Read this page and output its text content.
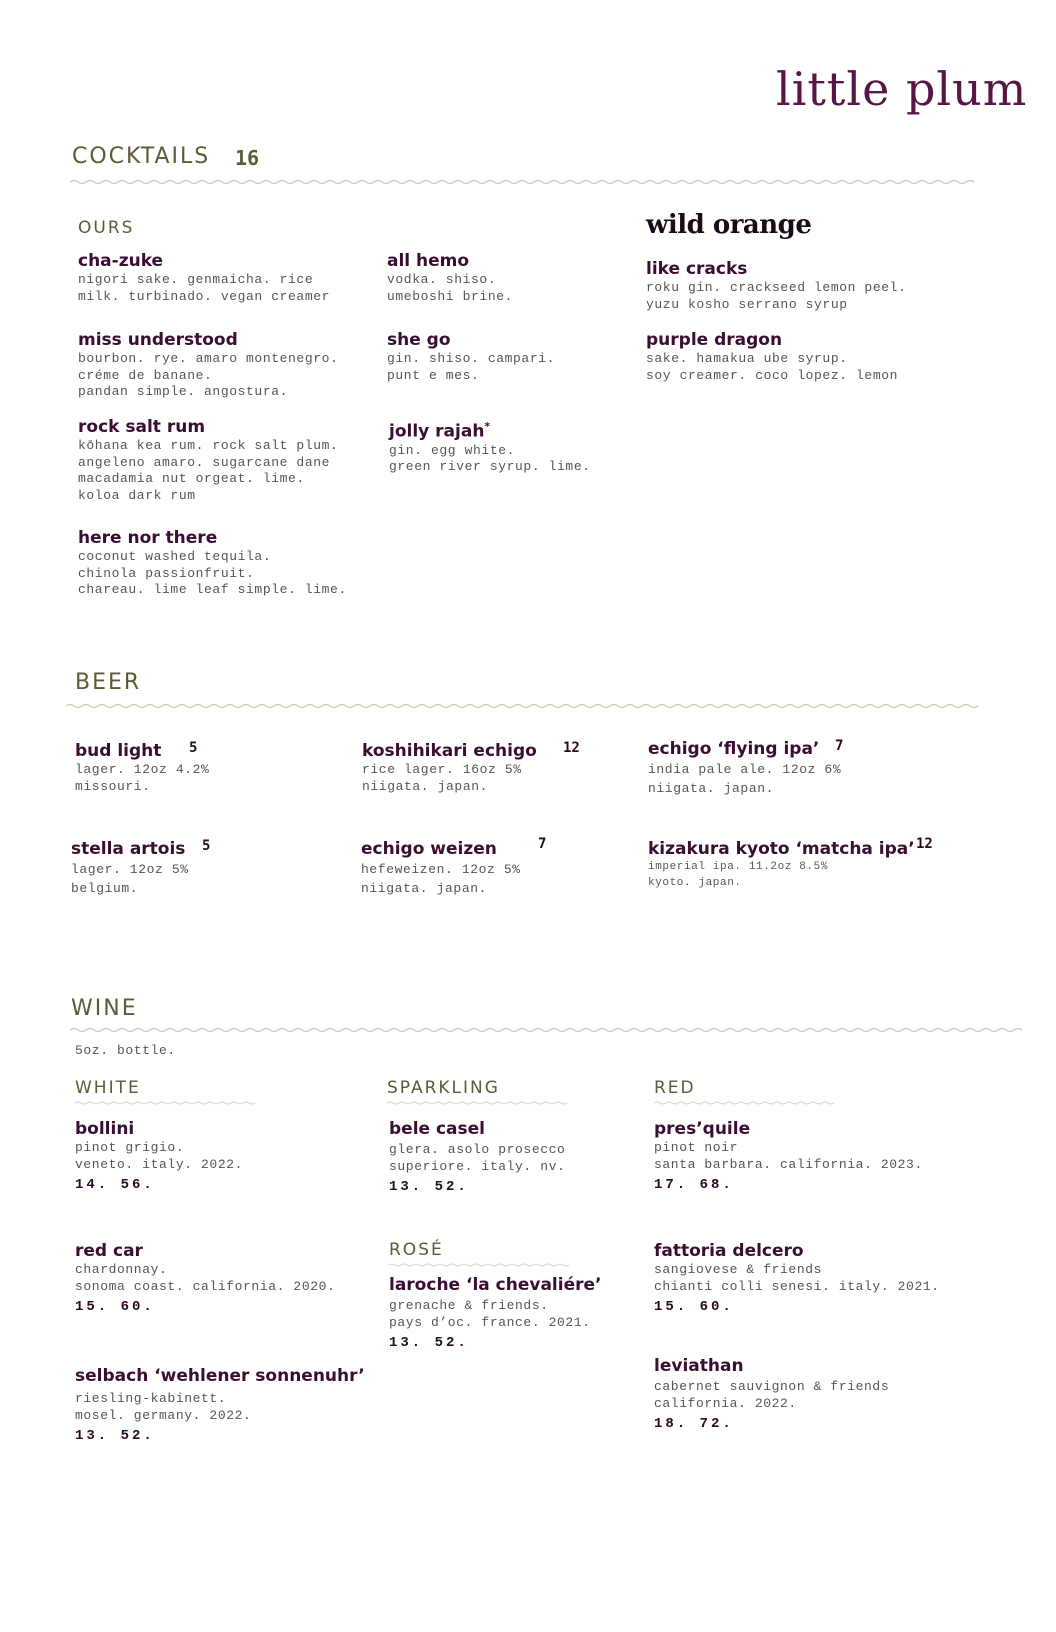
little plum
COCKTAILS 16
OURS	wild orange
cha-zuke
nigori sake. genmaicha. rice
milk. turbinado. vegan creamer
all hemo
vodka. shiso.
umeboshi brine.
miss understood
bourbon. rye. amaro montenegro.
créme de banane.
pandan simple. angostura.
she go
gin. shiso. campari.
punt e mes.
rock salt rum
kōhana kea rum. rock salt plum.
angeleno amaro. sugarcane dane
macadamia nut orgeat. lime.
koloa dark rum
jolly rajah*
gin. egg white.
green river syrup. lime.
here nor there
coconut washed tequila.
chinola passionfruit.
chareau. lime leaf simple. lime.
like cracks
roku gin. crackseed lemon peel.
yuzu kosho serrano syrup
purple dragon
sake. hamakua ube syrup.
soy creamer. coco lopez. lemon
BEER
bud light
lager. 12oz 4.2%
missouri.
5	koshihikari echigo
rice lager. 16oz 5%
niigata. japan.
12	echigo ‘flying ipa’
india pale ale. 12oz 6%
niigata. japan.
7
stella artois
lager. 12oz 5%
belgium.
5	echigo weizen
hefeweizen. 12oz 5%
niigata. japan.
7	kizakura kyoto ‘matcha ipa’
imperial ipa. 11.2oz 8.5%
kyoto. japan.
12
WINE
5oz. bottle.
WHITE	SPARKLING	RED
bollini
pinot grigio.
veneto. italy. 2022.
14. 56.
red car
chardonnay.
sonoma coast. california. 2020.
15. 60.
selbach ‘wehlener sonnenuhr’
riesling-kabinett.
mosel. germany. 2022.
13. 52.
bele casel
glera. asolo prosecco
superiore. italy. nv.
13. 52.
ROSÉ
laroche ‘la chevaliére’
grenache & friends.
pays d’oc. france. 2021.
13. 52.
pres’quile
pinot noir
santa barbara. california. 2023.
17. 68.
fattoria delcero
sangiovese & friends
chianti colli senesi. italy. 2021.
15. 60.
leviathan
cabernet sauvignon & friends
california. 2022.
18. 72.
